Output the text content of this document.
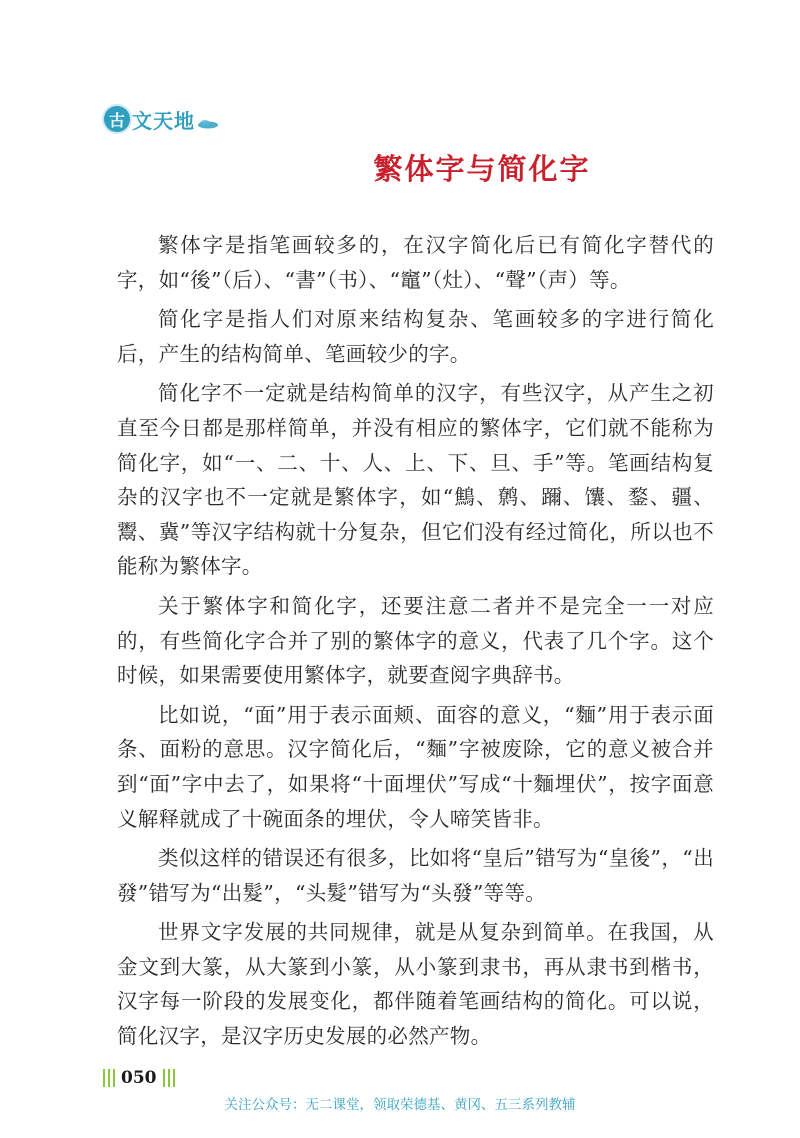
古 文天地
繁体字与简化字

繁体字是指笔画较多的，在汉字简化后已有简化字替代的字，如“後”（后）、“書”（书）、“竈”（灶）、“聲”（声）等。

简化字是指人们对原来结构复杂、笔画较多的字进行简化后，产生的结构简单、笔画较少的字。

简化字不一定就是结构简单的汉字，有些汉字，从产生之初直至今日都是那样简单，并没有相应的繁体字，它们就不能称为简化字，如“一、二、十、人、上、下、旦、手”等。笔画结构复杂的汉字也不一定就是繁体字，如“鷦、鹩、躎、馕、鍪、疆、鬻、冀”等汉字结构就十分复杂，但它们没有经过简化，所以也不能称为繁体字。

关于繁体字和简化字，还要注意二者并不是完全一一对应的，有些简化字合并了别的繁体字的意义，代表了几个字。这个时候，如果需要使用繁体字，就要查阅字典辞书。

比如说，“面”用于表示面颊、面容的意义，“麵”用于表示面条、面粉的意思。汉字简化后，“麵”字被废除，它的意义被合并到“面”字中去了，如果将“十面埋伏”写成“十麵埋伏”，按字面意义解释就成了十碗面条的埋伏，令人啼笑皆非。

类似这样的错误还有很多，比如将“皇后”错写为“皇後”，“出發”错写为“出髮”，“头髮”错写为“头發”等等。

世界文字发展的共同规律，就是从复杂到简单。在我国，从金文到大篆，从大篆到小篆，从小篆到隶书，再从隶书到楷书，汉字每一阶段的发展变化，都伴随着笔画结构的简化。可以说，简化汉字，是汉字历史发展的必然产物。

050
关注公众号：无二课堂，领取荣德基、黄冈、五三系列教辅
